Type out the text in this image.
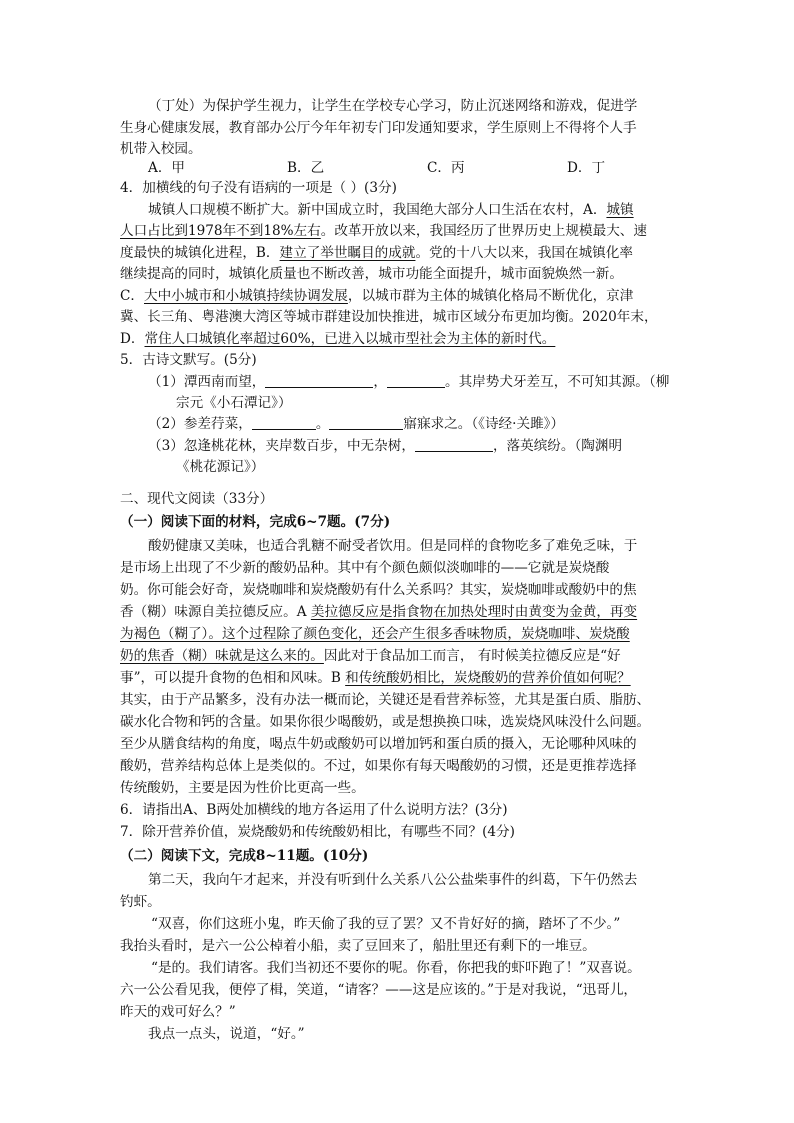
（丁处）为保护学生视力，让学生在学校专心学习，防止沉迷网络和游戏，促进学
生身心健康发展，教育部办公厅今年年初专门印发通知要求，学生原则上不得将个人手
机带入校园。
A．甲	B．乙	C．丙	D．丁
4．加横线的句子没有语病的一项是（ ）(3分)
城镇人口规模不断扩大。新中国成立时，我国绝大部分人口生活在农村，A．城镇
人口占比到1978年不到18%左右。改革开放以来，我国经历了世界历史上规模最大、速
度最快的城镇化进程，B．建立了举世瞩目的成就。党的十八大以来，我国在城镇化率
继续提高的同时，城镇化质量也不断改善，城市功能全面提升，城市面貌焕然一新。
C．大中小城市和小城镇持续协调发展，以城市群为主体的城镇化格局不断优化，京津
冀、长三角、粤港澳大湾区等城市群建设加快推进，城市区域分布更加均衡。2020年末，
D．常住人口城镇化率超过60%，已进入以城市型社会为主体的新时代。
5．古诗文默写。(5分)
（1）潭西南而望，	，	。其岸势犬牙差互，不可知其源。（柳
宗元《小石潭记》）
（2）参差荇菜，	。	寤寐求之。（《诗经·关雎》）
（3）忽逢桃花林，夹岸数百步，中无杂树，	，落英缤纷。（陶渊明
《桃花源记》）
二、现代文阅读（33分）
（一）阅读下面的材料，完成6~7题。(7分)
酸奶健康又美味，也适合乳糖不耐受者饮用。但是同样的食物吃多了难免乏味，于
是市场上出现了不少新的酸奶品种。其中有个颜色颇似淡咖啡的——它就是炭烧酸
奶。你可能会好奇，炭烧咖啡和炭烧酸奶有什么关系吗？其实，炭烧咖啡或酸奶中的焦
香（糊）味源自美拉德反应。A 美拉德反应是指食物在加热处理时由黄变为金黄，再变
为褐色（糊了）。这个过程除了颜色变化，还会产生很多香味物质，炭烧咖啡、炭烧酸
奶的焦香（糊）味就是这么来的。因此对于食品加工而言， 有时候美拉德反应是“好
事”，可以提升食物的色相和风味。B 和传统酸奶相比，炭烧酸奶的营养价值如何呢？
其实，由于产品繁多，没有办法一概而论，关键还是看营养标签，尤其是蛋白质、脂肪、
碳水化合物和钙的含量。如果你很少喝酸奶，或是想换换口味，选炭烧风味没什么问题。
至少从膳食结构的角度，喝点牛奶或酸奶可以增加钙和蛋白质的摄入，无论哪种风味的
酸奶，营养结构总体上是类似的。不过，如果你有每天喝酸奶的习惯，还是更推荐选择
传统酸奶，主要是因为性价比更高一些。
6．请指出A、B两处加横线的地方各运用了什么说明方法？(3分)
7．除开营养价值，炭烧酸奶和传统酸奶相比，有哪些不同？(4分)
（二）阅读下文，完成8~11题。(10分)
第二天，我向午才起来，并没有听到什么关系八公公盐柴事件的纠葛，下午仍然去
钓虾。
“双喜，你们这班小鬼，昨天偷了我的豆了罢？又不肯好好的摘，踏坏了不少。”
我抬头看时，是六一公公棹着小船，卖了豆回来了，船肚里还有剩下的一堆豆。
“是的。我们请客。我们当初还不要你的呢。你看，你把我的虾吓跑了！”双喜说。
六一公公看见我，便停了楫，笑道，“请客？——这是应该的。”于是对我说，“迅哥儿，
昨天的戏可好么？”
我点一点头，说道，“好。”
